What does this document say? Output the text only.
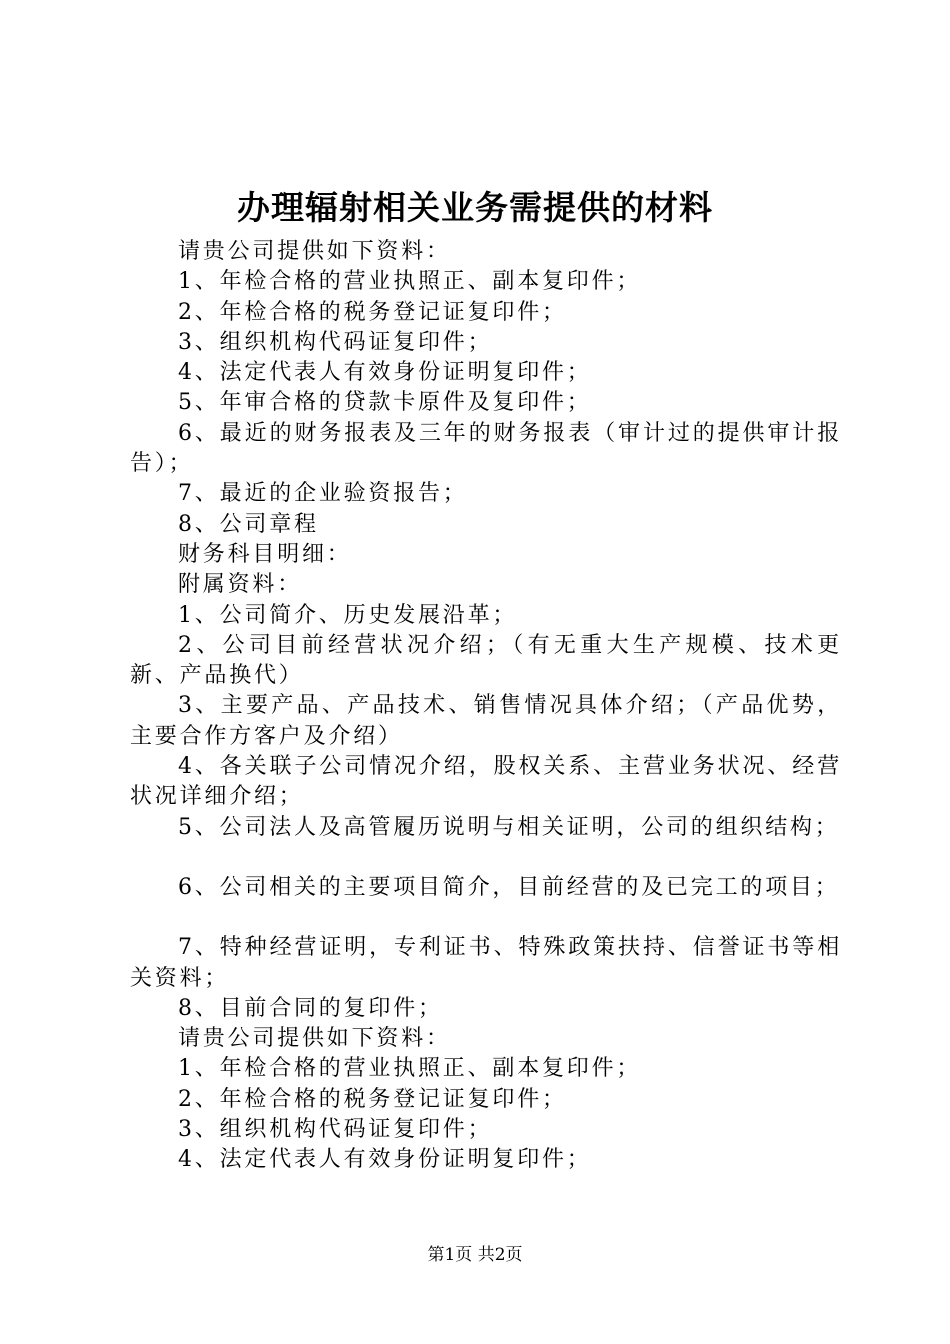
办理辐射相关业务需提供的材料

请贵公司提供如下资料：

1、年检合格的营业执照正、副本复印件；

2、年检合格的税务登记证复印件；

3、组织机构代码证复印件；

4、法定代表人有效身份证明复印件；

5、年审合格的贷款卡原件及复印件；

6、最近的财务报表及三年的财务报表（审计过的提供审计报告）；

7、最近的企业验资报告；

8、公司章程

财务科目明细：

附属资料：

1、公司简介、历史发展沿革；

2、公司目前经营状况介绍；（有无重大生产规模、技术更新、产品换代）

3、主要产品、产品技术、销售情况具体介绍；（产品优势，主要合作方客户及介绍）

4、各关联子公司情况介绍，股权关系、主营业务状况、经营状况详细介绍；

5、公司法人及高管履历说明与相关证明，公司的组织结构；

6、公司相关的主要项目简介，目前经营的及已完工的项目；

7、特种经营证明，专利证书、特殊政策扶持、信誉证书等相关资料；

8、目前合同的复印件；

请贵公司提供如下资料：

1、年检合格的营业执照正、副本复印件；

2、年检合格的税务登记证复印件；

3、组织机构代码证复印件；

4、法定代表人有效身份证明复印件；

第1页 共2页
